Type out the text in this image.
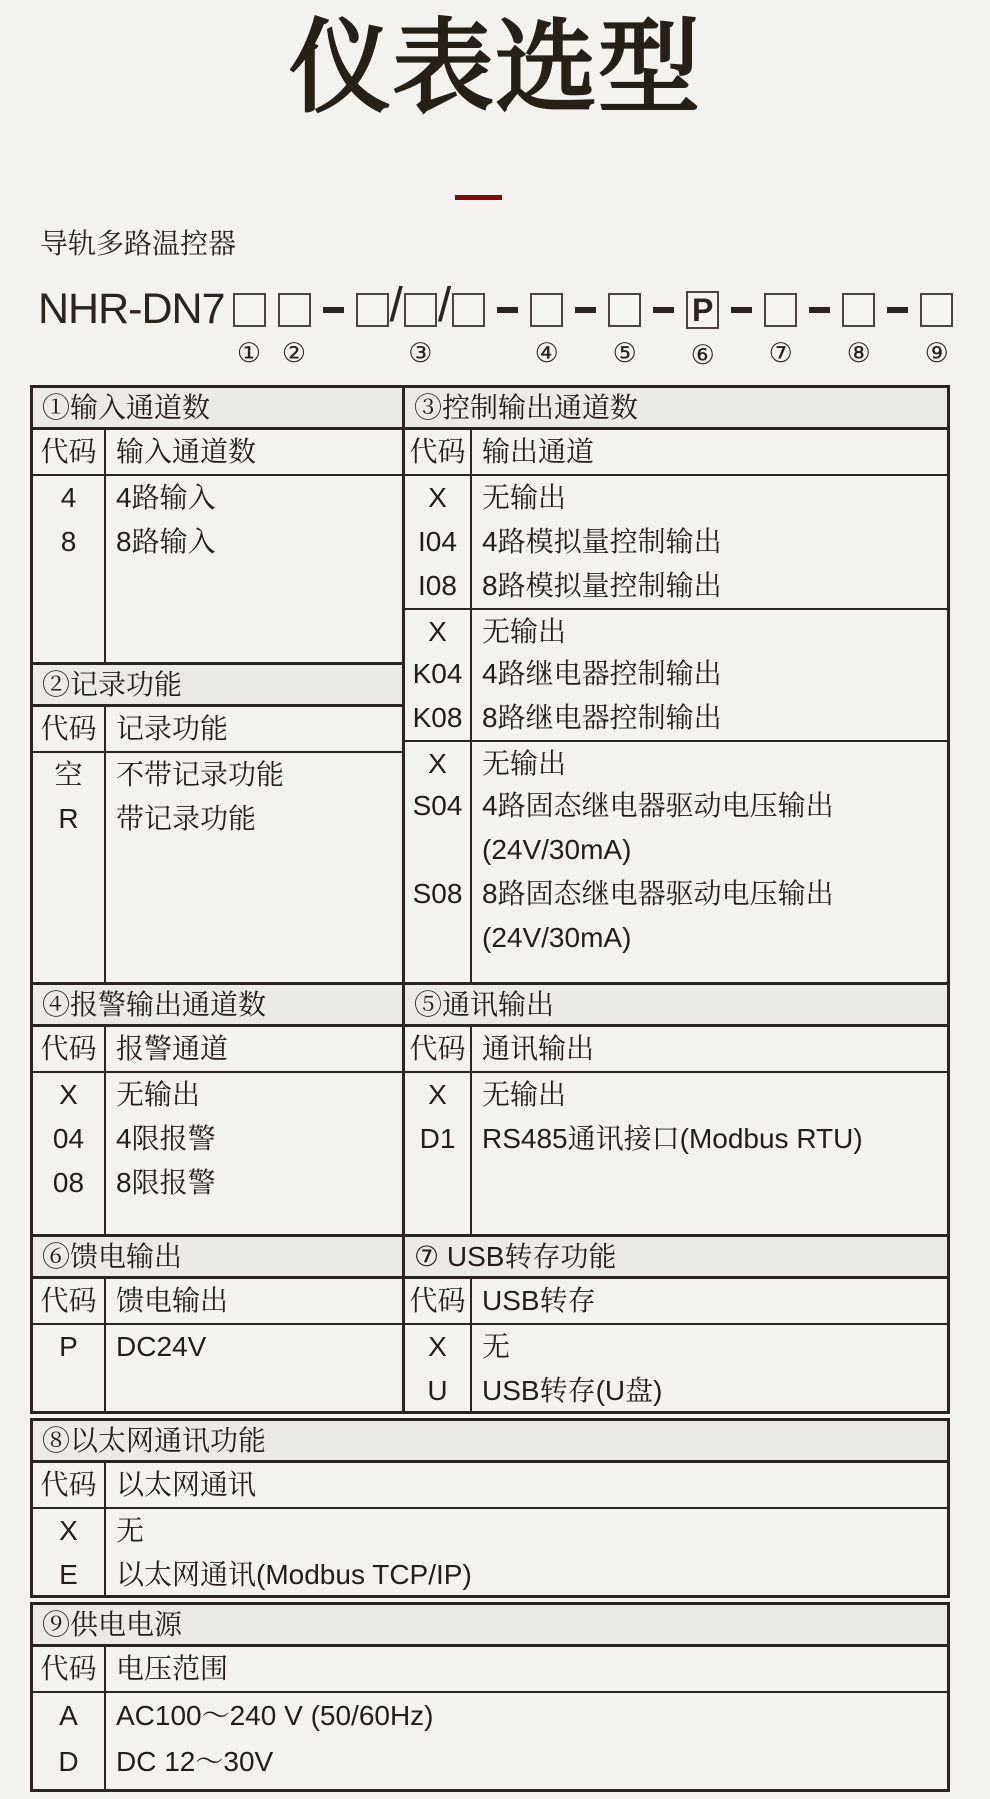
仪表选型
导轨多路温控器
NHR-DN7
① ②
/ /
③	④ ⑤
P
⑥ ⑦ ⑧ ⑨
①输入通道数
代码 输入通道数
4	4路输入
8	8路输入
②记录功能
代码 记录功能
空	不带记录功能
R	带记录功能
③控制输出通道数
代码 输出通道
X	无输出
I04 4路模拟量控制输出
I08 8路模拟量控制输出
X	无输出
K04 4路继电器控制输出
K08 8路继电器控制输出
X	无输出
S04 4路固态继电器驱动电压输出
(24V/30mA)
S08 8路固态继电器驱动电压输出
(24V/30mA)
④报警输出通道数
代码 报警通道
X	无输出
04	4限报警
08	8限报警
⑤通讯输出
代码 通讯输出
X	无输出
D1 RS485通讯接口(Modbus RTU)
⑥馈电输出
代码 馈电输出
P	DC24V
⑦ USB转存功能
代码 USB转存
X	无
U	USB转存(U盘)
⑧以太网通讯功能
代码 以太网通讯
X	无
E	以太网通讯(Modbus TCP/IP)
⑨供电电源
代码 电压范围
A	AC100～240 V (50/60Hz)
D	DC 12～30V
